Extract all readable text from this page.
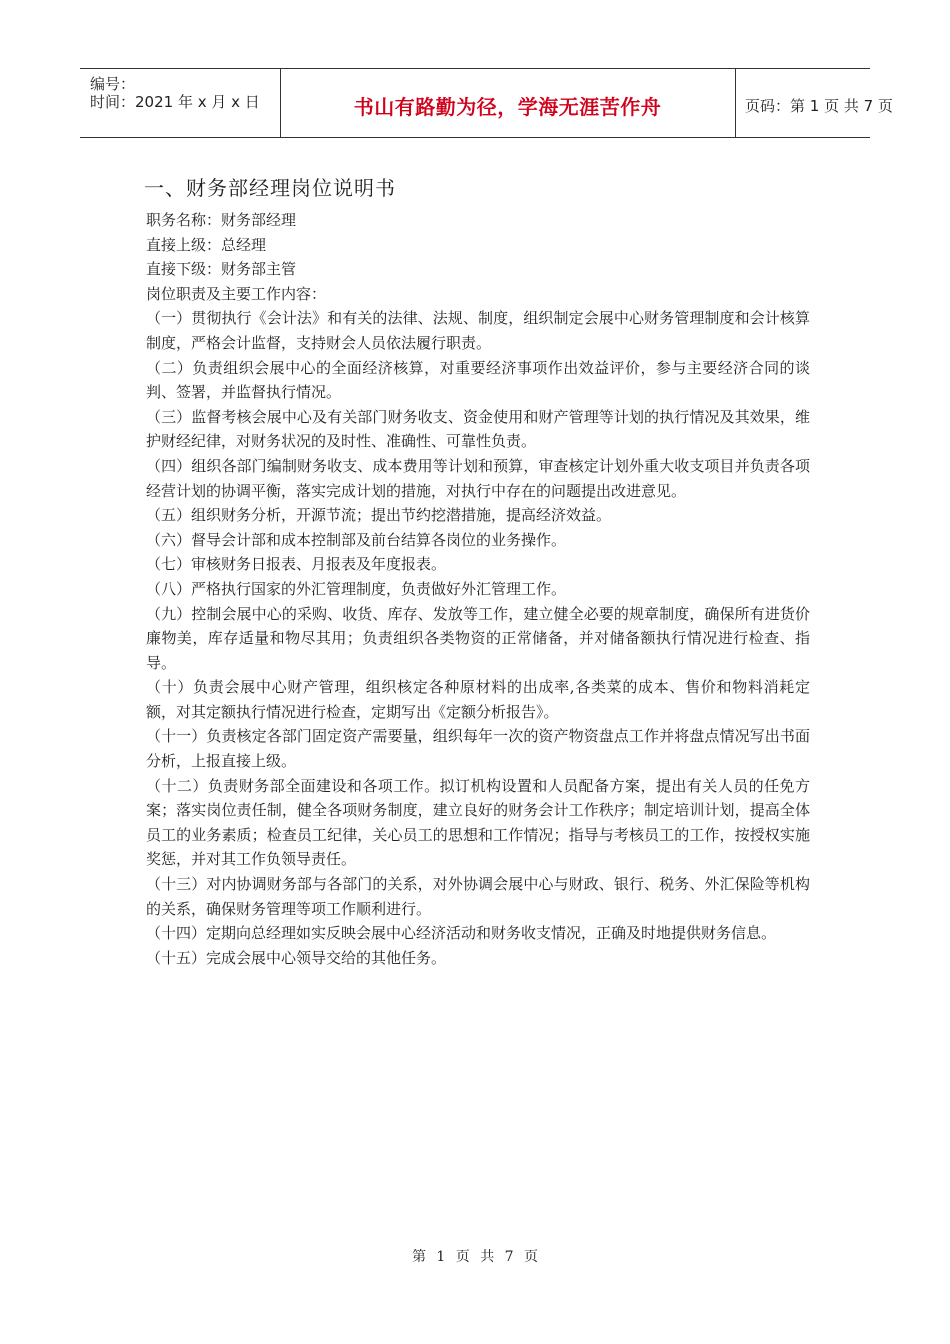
编号：
时间：2021 年 x 月 x 日	书山有路勤为径，学海无涯苦作舟	页码：第 1 页 共 7 页
一、财务部经理岗位说明书

职务名称：财务部经理

直接上级：总经理

直接下级：财务部主管

岗位职责及主要工作内容：

（一）贯彻执行《会计法》和有关的法律、法规、制度，组织制定会展中心财务管理制度和会计核算制度，严格会计监督，支持财会人员依法履行职责。

（二）负责组织会展中心的全面经济核算，对重要经济事项作出效益评价，参与主要经济合同的谈判、签署，并监督执行情况。

（三）监督考核会展中心及有关部门财务收支、资金使用和财产管理等计划的执行情况及其效果，维护财经纪律，对财务状况的及时性、准确性、可靠性负责。

（四）组织各部门编制财务收支、成本费用等计划和预算，审查核定计划外重大收支项目并负责各项经营计划的协调平衡，落实完成计划的措施，对执行中存在的问题提出改进意见。

（五）组织财务分析，开源节流；提出节约挖潜措施，提高经济效益。

（六）督导会计部和成本控制部及前台结算各岗位的业务操作。

（七）审核财务日报表、月报表及年度报表。

（八）严格执行国家的外汇管理制度，负责做好外汇管理工作。

（九）控制会展中心的采购、收货、库存、发放等工作，建立健全必要的规章制度，确保所有进货价廉物美，库存适量和物尽其用；负责组织各类物资的正常储备，并对储备额执行情况进行检查、指导。

（十）负责会展中心财产管理，组织核定各种原材料的出成率,各类菜的成本、售价和物料消耗定额，对其定额执行情况进行检查，定期写出《定额分析报告》。

（十一）负责核定各部门固定资产需要量，组织每年一次的资产物资盘点工作并将盘点情况写出书面分析，上报直接上级。

（十二）负责财务部全面建设和各项工作。拟订机构设置和人员配备方案，提出有关人员的任免方案；落实岗位责任制，健全各项财务制度，建立良好的财务会计工作秩序；制定培训计划，提高全体员工的业务素质；检查员工纪律，关心员工的思想和工作情况；指导与考核员工的工作，按授权实施奖惩，并对其工作负领导责任。

（十三）对内协调财务部与各部门的关系，对外协调会展中心与财政、银行、税务、外汇保险等机构的关系，确保财务管理等项工作顺利进行。

（十四）定期向总经理如实反映会展中心经济活动和财务收支情况，正确及时地提供财务信息。

（十五）完成会展中心领导交给的其他任务。

第 1 页 共 7 页
